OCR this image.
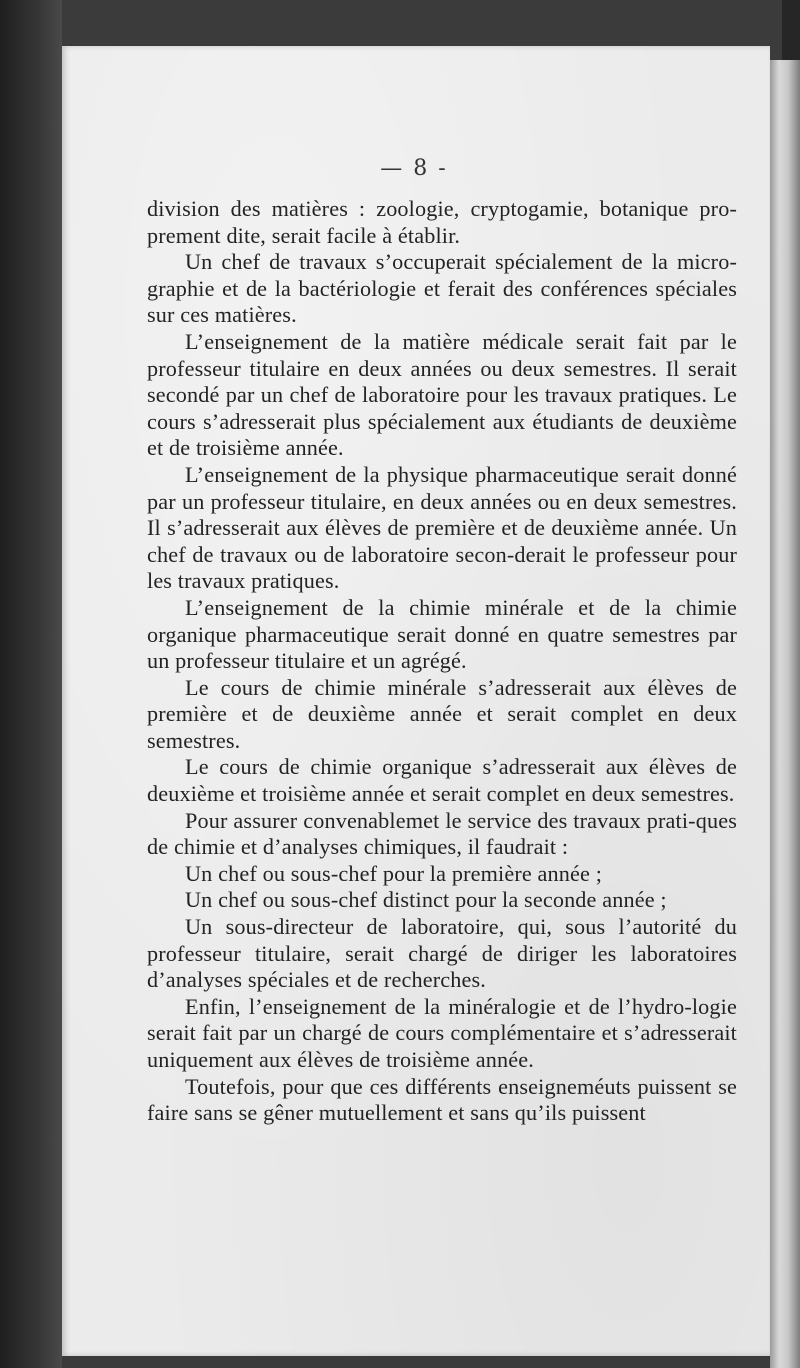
— 8 -

division des matières : zoologie, cryptogamie, botanique pro-prement dite, serait facile à établir.

Un chef de travaux s’occuperait spécialement de la micro-graphie et de la bactériologie et ferait des conférences spéciales sur ces matières.

L’enseignement de la matière médicale serait fait par le professeur titulaire en deux années ou deux semestres. Il serait secondé par un chef de laboratoire pour les travaux pratiques. Le cours s’adresserait plus spécialement aux étudiants de deuxième et de troisième année.

L’enseignement de la physique pharmaceutique serait donné par un professeur titulaire, en deux années ou en deux semestres. Il s’adresserait aux élèves de première et de deuxième année. Un chef de travaux ou de laboratoire secon-derait le professeur pour les travaux pratiques.

L’enseignement de la chimie minérale et de la chimie organique pharmaceutique serait donné en quatre semestres par un professeur titulaire et un agrégé.

Le cours de chimie minérale s’adresserait aux élèves de première et de deuxième année et serait complet en deux semestres.

Le cours de chimie organique s’adresserait aux élèves de deuxième et troisième année et serait complet en deux semestres.

Pour assurer convenablemet le service des travaux prati-ques de chimie et d’analyses chimiques, il faudrait :

Un chef ou sous-chef pour la première année ;

Un chef ou sous-chef distinct pour la seconde année ;

Un sous-directeur de laboratoire, qui, sous l’autorité du professeur titulaire, serait chargé de diriger les laboratoires d’analyses spéciales et de recherches.

Enfin, l’enseignement de la minéralogie et de l’hydro-logie serait fait par un chargé de cours complémentaire et s’adresserait uniquement aux élèves de troisième année.

Toutefois, pour que ces différents enseigneméuts puissent se faire sans se gêner mutuellement et sans qu’ils puissent
